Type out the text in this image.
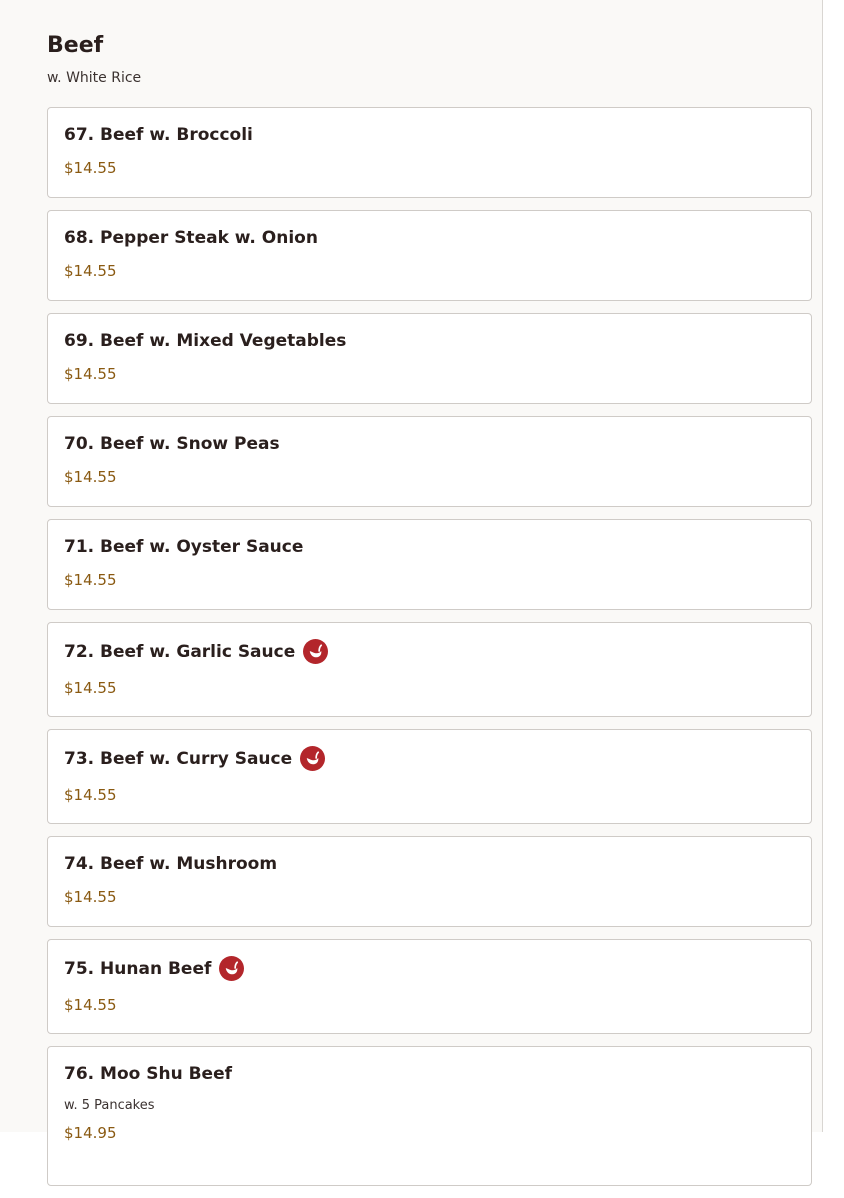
Beef
w. White Rice
67. Beef w. Broccoli
$14.55
68. Pepper Steak w. Onion
$14.55
69. Beef w. Mixed Vegetables
$14.55
70. Beef w. Snow Peas
$14.55
71. Beef w. Oyster Sauce
$14.55
72. Beef w. Garlic Sauce
$14.55
73. Beef w. Curry Sauce
$14.55
74. Beef w. Mushroom
$14.55
75. Hunan Beef
$14.55
76. Moo Shu Beef
w. 5 Pancakes
$14.95
